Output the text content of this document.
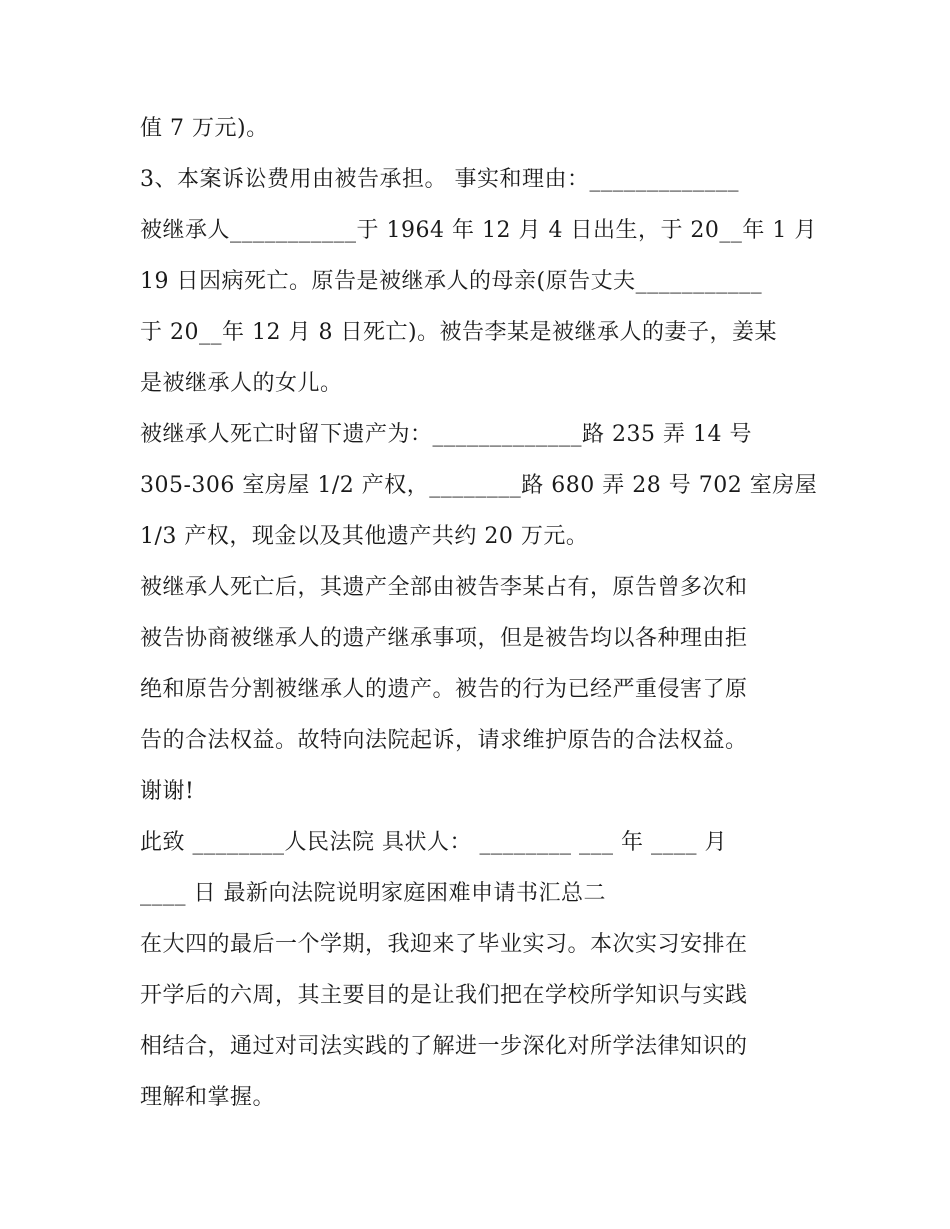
值 7 万元)。

3、本案诉讼费用由被告承担。 事实和理由：_____________

被继承人___________于 1964 年 12 月 4 日出生，于 20__年 1 月

19 日因病死亡。原告是被继承人的母亲(原告丈夫___________

于 20__年 12 月 8 日死亡)。被告李某是被继承人的妻子，姜某

是被继承人的女儿。

被继承人死亡时留下遗产为：_____________路 235 弄 14 号

305-306 室房屋 1/2 产权，________路 680 弄 28 号 702 室房屋

1/3 产权，现金以及其他遗产共约 20 万元。

被继承人死亡后，其遗产全部由被告李某占有，原告曾多次和

被告协商被继承人的遗产继承事项，但是被告均以各种理由拒

绝和原告分割被继承人的遗产。被告的行为已经严重侵害了原

告的合法权益。故特向法院起诉，请求维护原告的合法权益。

谢谢!

此致 ________人民法院 具状人： ________ ___ 年 ____ 月

____ 日 最新向法院说明家庭困难申请书汇总二

在大四的最后一个学期，我迎来了毕业实习。本次实习安排在

开学后的六周，其主要目的是让我们把在学校所学知识与实践

相结合，通过对司法实践的了解进一步深化对所学法律知识的

理解和掌握。
